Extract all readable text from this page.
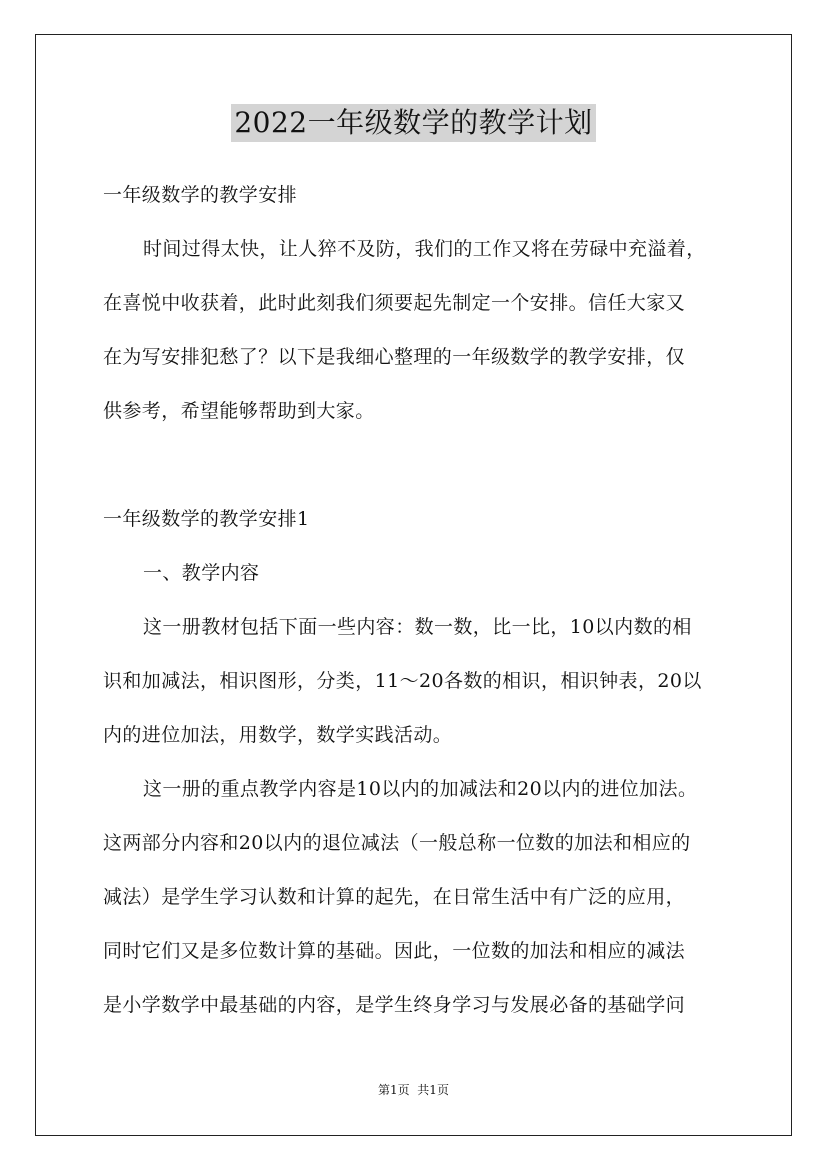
2022一年级数学的教学计划
一年级数学的教学安排
时间过得太快，让人猝不及防，我们的工作又将在劳碌中充溢着，
在喜悦中收获着，此时此刻我们须要起先制定一个安排。信任大家又
在为写安排犯愁了？以下是我细心整理的一年级数学的教学安排，仅
供参考，希望能够帮助到大家。
一年级数学的教学安排1
一、教学内容
这一册教材包括下面一些内容：数一数，比一比，10以内数的相
识和加减法，相识图形，分类，11～20各数的相识，相识钟表，20以
内的进位加法，用数学，数学实践活动。
这一册的重点教学内容是10以内的加减法和20以内的进位加法。
这两部分内容和20以内的退位减法（一般总称一位数的加法和相应的
减法）是学生学习认数和计算的起先，在日常生活中有广泛的应用，
同时它们又是多位数计算的基础。因此，一位数的加法和相应的减法
是小学数学中最基础的内容，是学生终身学习与发展必备的基础学问
第1页  共1页
